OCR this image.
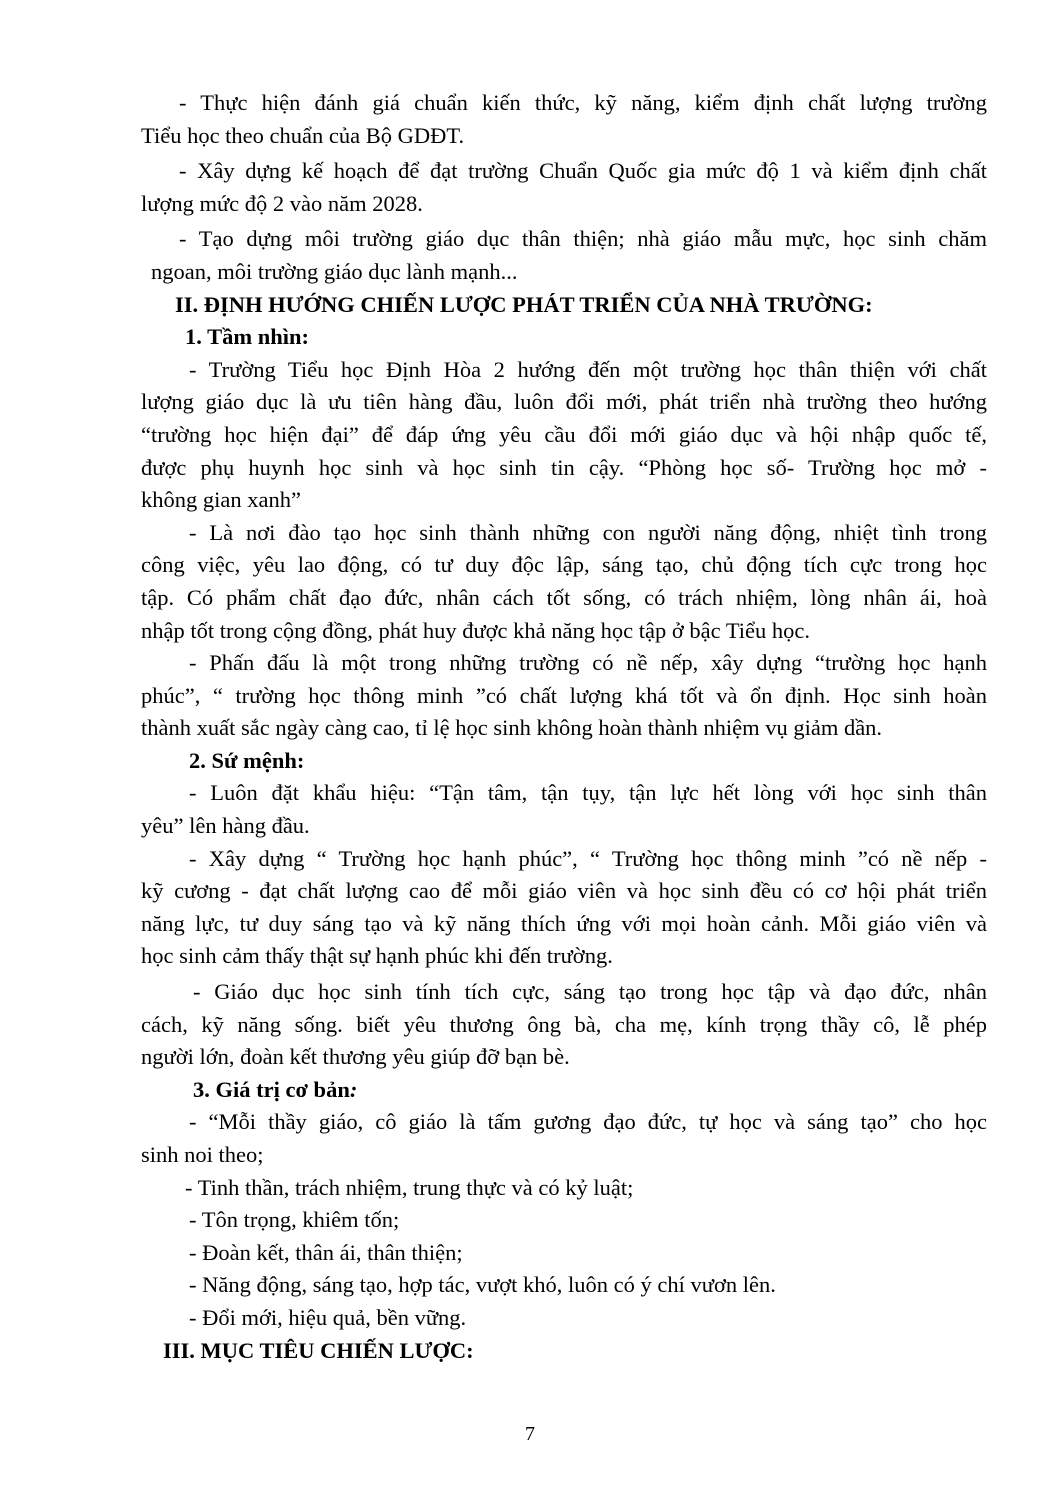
- Thực hiện đánh giá chuẩn kiến thức, kỹ năng, kiểm định chất lượng trường
Tiểu học theo chuẩn của Bộ GDĐT.
- Xây dựng kế hoạch để đạt trường Chuẩn Quốc gia mức độ 1 và kiểm định chất
lượng mức độ 2 vào năm 2028.
- Tạo dựng môi trường giáo dục thân thiện; nhà giáo mẫu mực, học sinh chăm
ngoan, môi trường giáo dục lành mạnh...
II. ĐỊNH HƯỚNG CHIẾN LƯỢC PHÁT TRIỂN CỦA NHÀ TRƯỜNG:
1. Tầm nhìn:
- Trường Tiểu học Định Hòa 2 hướng đến một trường học thân thiện với chất
lượng giáo dục là ưu tiên hàng đầu, luôn đổi mới, phát triển nhà trường theo hướng
“trường học hiện đại” để đáp ứng yêu cầu đổi mới giáo dục và hội nhập quốc tế,
được phụ huynh học sinh và học sinh tin cậy. “Phòng học số- Trường học mở -
không gian xanh”
- Là nơi đào tạo học sinh thành những con người năng động, nhiệt tình trong
công việc, yêu lao động, có tư duy độc lập, sáng tạo, chủ động tích cực trong học
tập. Có phẩm chất đạo đức, nhân cách tốt sống, có trách nhiệm, lòng nhân ái, hoà
nhập tốt trong cộng đồng, phát huy được khả năng học tập ở bậc Tiểu học.
- Phấn đấu là một trong những trường có nề nếp, xây dựng “trường học hạnh
phúc”, “ trường học thông minh ”có chất lượng khá tốt và ổn định. Học sinh hoàn
thành xuất sắc ngày càng cao, tỉ lệ học sinh không hoàn thành nhiệm vụ giảm dần.
2. Sứ mệnh:
- Luôn đặt khẩu hiệu: “Tận tâm, tận tụy, tận lực hết lòng với học sinh thân
yêu” lên hàng đầu.
- Xây dựng “ Trường học hạnh phúc”, “ Trường học thông minh ”có nề nếp -
kỹ cương - đạt chất lượng cao để mỗi giáo viên và học sinh đều có cơ hội phát triển
năng lực, tư duy sáng tạo và kỹ năng thích ứng với mọi hoàn cảnh. Mỗi giáo viên và
học sinh cảm thấy thật sự hạnh phúc khi đến trường.
- Giáo dục học sinh tính tích cực, sáng tạo trong học tập và đạo đức, nhân
cách, kỹ năng sống. biết yêu thương ông bà, cha mẹ, kính trọng thầy cô, lễ phép
người lớn, đoàn kết thương yêu giúp đỡ bạn bè.
3. Giá trị cơ bản:
- “Mỗi thầy giáo, cô giáo là tấm gương đạo đức, tự học và sáng tạo” cho học
sinh noi theo;
- Tinh thần, trách nhiệm, trung thực và có kỷ luật;
- Tôn trọng, khiêm tốn;
- Đoàn kết, thân ái, thân thiện;
- Năng động, sáng tạo, hợp tác, vượt khó, luôn có ý chí vươn lên.
- Đổi mới, hiệu quả, bền vững.
III. MỤC TIÊU CHIẾN LƯỢC:
7
